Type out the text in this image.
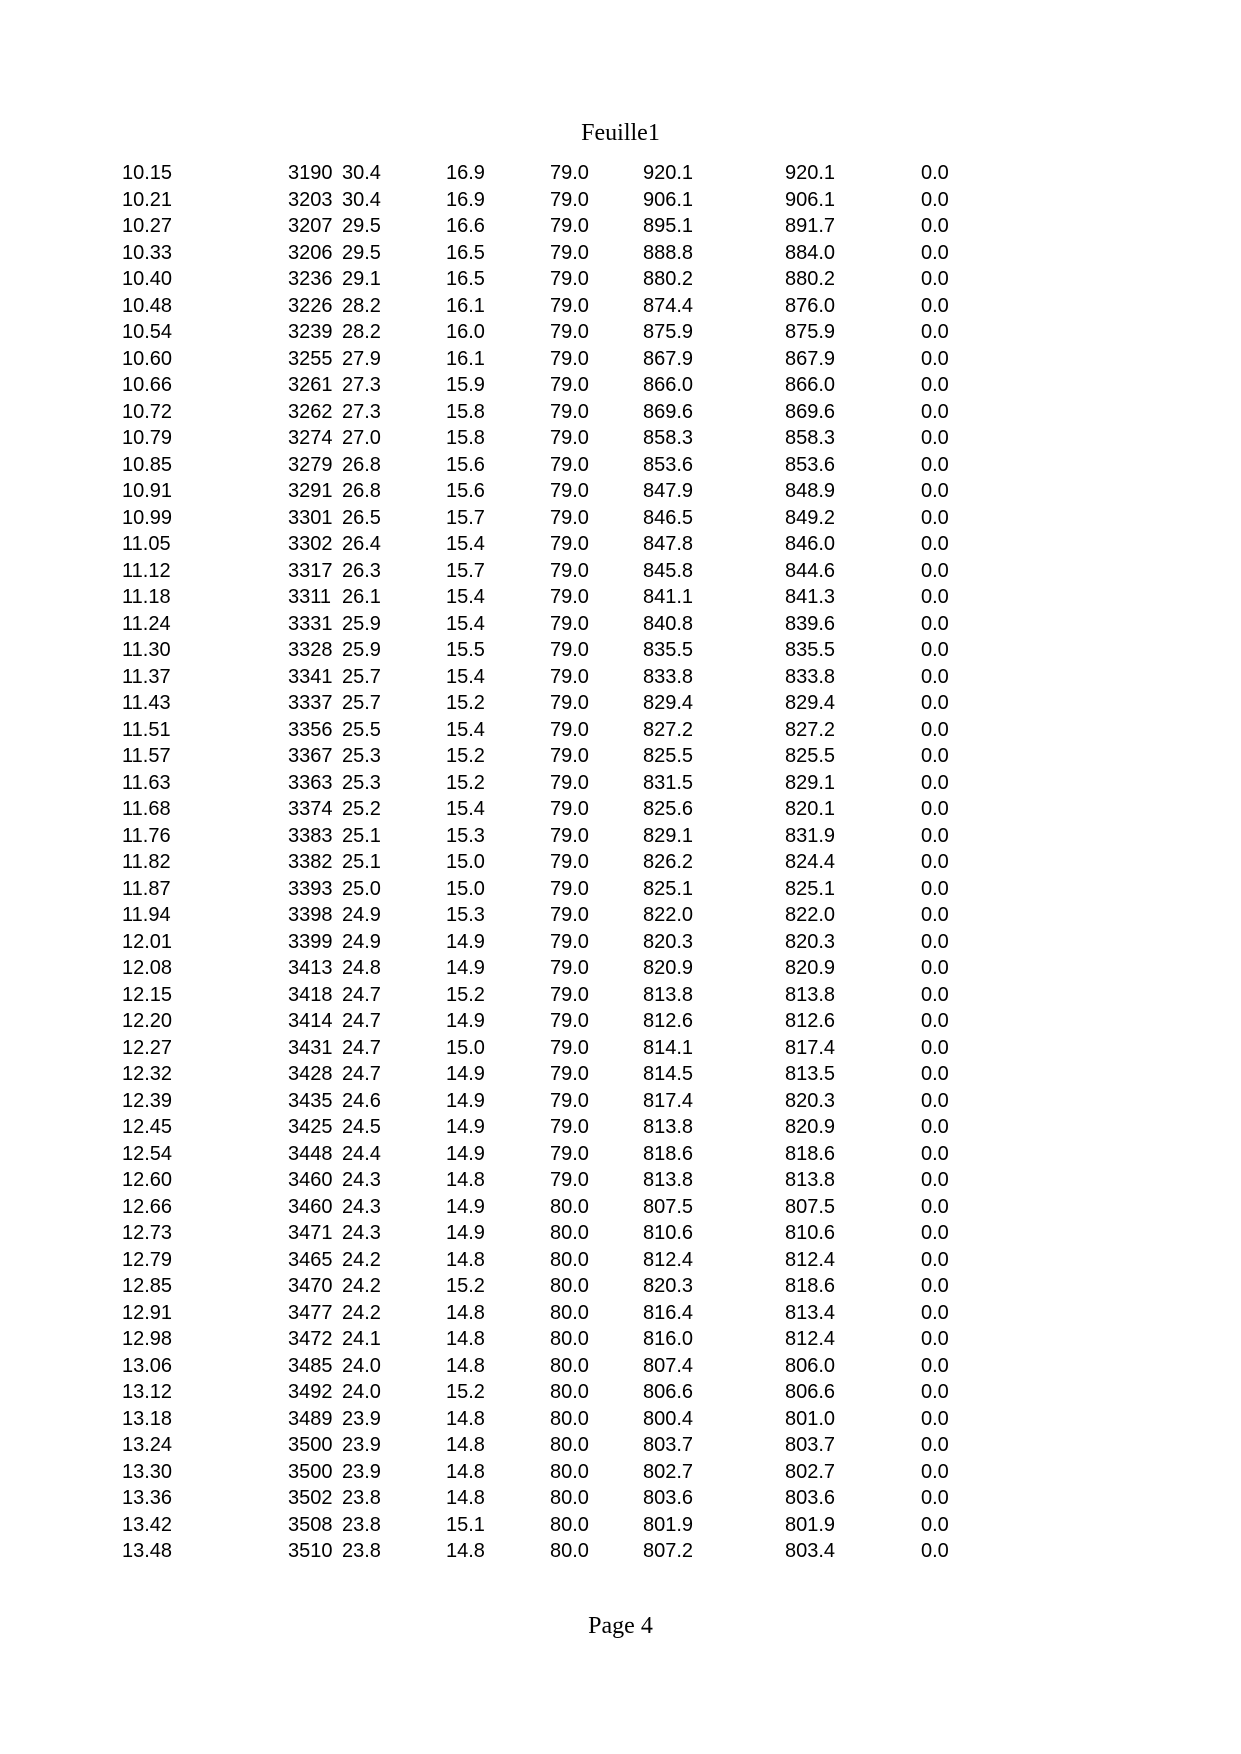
Feuille1
10.15	3190 30.4	16.9	79.0	920.1	920.1	0.0
10.21	3203 30.4	16.9	79.0	906.1	906.1	0.0
10.27	3207 29.5	16.6	79.0	895.1	891.7	0.0
10.33	3206 29.5	16.5	79.0	888.8	884.0	0.0
10.40	3236 29.1	16.5	79.0	880.2	880.2	0.0
10.48	3226 28.2	16.1	79.0	874.4	876.0	0.0
10.54	3239 28.2	16.0	79.0	875.9	875.9	0.0
10.60	3255 27.9	16.1	79.0	867.9	867.9	0.0
10.66	3261 27.3	15.9	79.0	866.0	866.0	0.0
10.72	3262 27.3	15.8	79.0	869.6	869.6	0.0
10.79	3274 27.0	15.8	79.0	858.3	858.3	0.0
10.85	3279 26.8	15.6	79.0	853.6	853.6	0.0
10.91	3291 26.8	15.6	79.0	847.9	848.9	0.0
10.99	3301 26.5	15.7	79.0	846.5	849.2	0.0
11.05	3302 26.4	15.4	79.0	847.8	846.0	0.0
11.12	3317 26.3	15.7	79.0	845.8	844.6	0.0
11.18	3311 26.1	15.4	79.0	841.1	841.3	0.0
11.24	3331 25.9	15.4	79.0	840.8	839.6	0.0
11.30	3328 25.9	15.5	79.0	835.5	835.5	0.0
11.37	3341 25.7	15.4	79.0	833.8	833.8	0.0
11.43	3337 25.7	15.2	79.0	829.4	829.4	0.0
11.51	3356 25.5	15.4	79.0	827.2	827.2	0.0
11.57	3367 25.3	15.2	79.0	825.5	825.5	0.0
11.63	3363 25.3	15.2	79.0	831.5	829.1	0.0
11.68	3374 25.2	15.4	79.0	825.6	820.1	0.0
11.76	3383 25.1	15.3	79.0	829.1	831.9	0.0
11.82	3382 25.1	15.0	79.0	826.2	824.4	0.0
11.87	3393 25.0	15.0	79.0	825.1	825.1	0.0
11.94	3398 24.9	15.3	79.0	822.0	822.0	0.0
12.01	3399 24.9	14.9	79.0	820.3	820.3	0.0
12.08	3413 24.8	14.9	79.0	820.9	820.9	0.0
12.15	3418 24.7	15.2	79.0	813.8	813.8	0.0
12.20	3414 24.7	14.9	79.0	812.6	812.6	0.0
12.27	3431 24.7	15.0	79.0	814.1	817.4	0.0
12.32	3428 24.7	14.9	79.0	814.5	813.5	0.0
12.39	3435 24.6	14.9	79.0	817.4	820.3	0.0
12.45	3425 24.5	14.9	79.0	813.8	820.9	0.0
12.54	3448 24.4	14.9	79.0	818.6	818.6	0.0
12.60	3460 24.3	14.8	79.0	813.8	813.8	0.0
12.66	3460 24.3	14.9	80.0	807.5	807.5	0.0
12.73	3471 24.3	14.9	80.0	810.6	810.6	0.0
12.79	3465 24.2	14.8	80.0	812.4	812.4	0.0
12.85	3470 24.2	15.2	80.0	820.3	818.6	0.0
12.91	3477 24.2	14.8	80.0	816.4	813.4	0.0
12.98	3472 24.1	14.8	80.0	816.0	812.4	0.0
13.06	3485 24.0	14.8	80.0	807.4	806.0	0.0
13.12	3492 24.0	15.2	80.0	806.6	806.6	0.0
13.18	3489 23.9	14.8	80.0	800.4	801.0	0.0
13.24	3500 23.9	14.8	80.0	803.7	803.7	0.0
13.30	3500 23.9	14.8	80.0	802.7	802.7	0.0
13.36	3502 23.8	14.8	80.0	803.6	803.6	0.0
13.42	3508 23.8	15.1	80.0	801.9	801.9	0.0
13.48	3510 23.8	14.8	80.0	807.2	803.4	0.0
Page 4
